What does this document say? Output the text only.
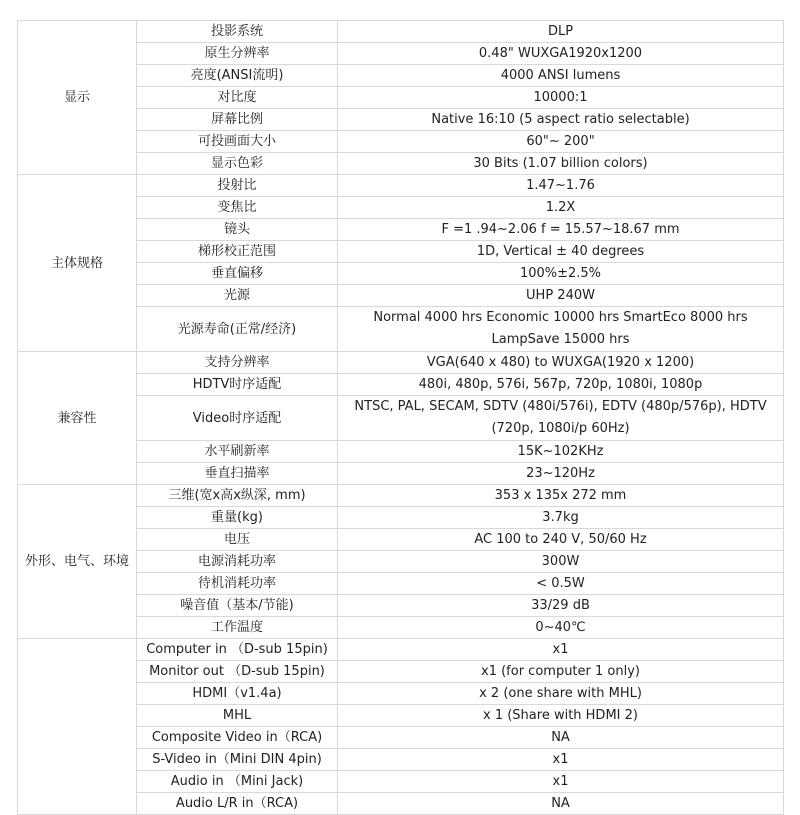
显示	投影系统	DLP
	原生分辨率	0.48" WUXGA1920x1200
	亮度(ANSI流明)	4000 ANSI lumens
	对比度	10000:1
	屏幕比例	Native 16:10 (5 aspect ratio selectable)
	可投画面大小	60"~ 200"
	显示色彩	30 Bits (1.07 billion colors)
主体规格	投射比	1.47~1.76
	变焦比	1.2X
	镜头	F =1 .94~2.06 f = 15.57~18.67 mm
	梯形校正范围	1D, Vertical ± 40 degrees
	垂直偏移	100%±2.5%
	光源	UHP 240W
	光源寿命(正常/经济)	Normal 4000 hrs Economic 10000 hrs SmartEco 8000 hrs LampSave 15000 hrs
兼容性	支持分辨率	VGA(640 x 480) to WUXGA(1920 x 1200)
	HDTV时序适配	480i, 480p, 576i, 567p, 720p, 1080i, 1080p
	Video时序适配	NTSC, PAL, SECAM, SDTV (480i/576i), EDTV (480p/576p), HDTV (720p, 1080i/p 60Hz)
	水平刷新率	15K~102KHz
	垂直扫描率	23~120Hz
外形、电气、环境	三维(宽x高x纵深, mm)	353 x 135x 272 mm
	重量(kg)	3.7kg
	电压	AC 100 to 240 V, 50/60 Hz
	电源消耗功率	300W
	待机消耗功率	< 0.5W
	噪音值（基本/节能)	33/29 dB
	工作温度	0~40℃
	Computer in （D-sub 15pin)	x1
	Monitor out （D-sub 15pin)	x1 (for computer 1 only)
	HDMI（v1.4a)	x 2 (one share with MHL)
	MHL	x 1 (Share with HDMI 2)
	Composite Video in（RCA)	NA
	S-Video in（Mini DIN 4pin)	x1
	Audio in （Mini Jack)	x1
	Audio L/R in（RCA)	NA
